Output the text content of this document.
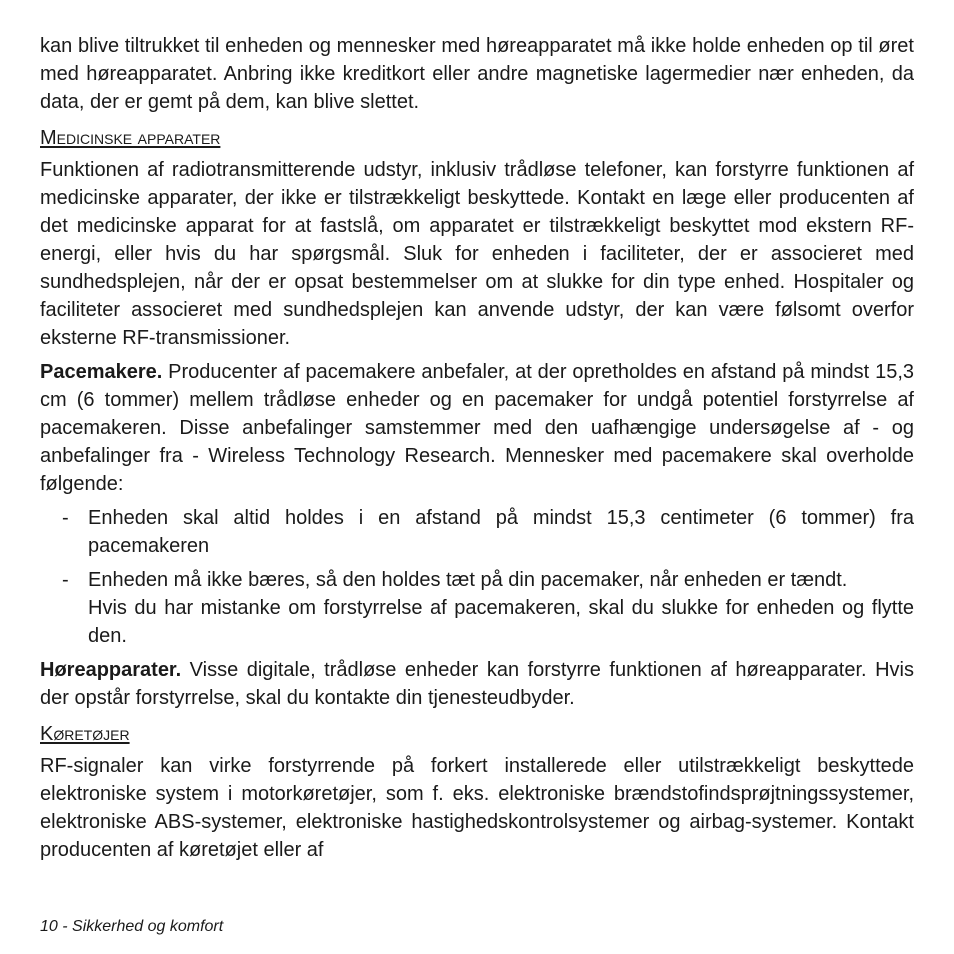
kan blive tiltrukket til enheden og mennesker med høreapparatet må ikke holde enheden op til øret med høreapparatet. Anbring ikke kreditkort eller andre magnetiske lagermedier nær enheden, da data, der er gemt på dem, kan blive slettet.

Medicinske apparater

Funktionen af radiotransmitterende udstyr, inklusiv trådløse telefoner, kan forstyrre funktionen af medicinske apparater, der ikke er tilstrækkeligt beskyttede. Kontakt en læge eller producenten af det medicinske apparat for at fastslå, om apparatet er tilstrækkeligt beskyttet mod ekstern RF-energi, eller hvis du har spørgsmål. Sluk for enheden i faciliteter, der er associeret med sundhedsplejen, når der er opsat bestemmelser om at slukke for din type enhed. Hospitaler og faciliteter associeret med sundhedsplejen kan anvende udstyr, der kan være følsomt overfor eksterne RF-transmissioner.

Pacemakere. Producenter af pacemakere anbefaler, at der opretholdes en afstand på mindst 15,3 cm (6 tommer) mellem trådløse enheder og en pacemaker for undgå potentiel forstyrrelse af pacemakeren. Disse anbefalinger samstemmer med den uafhængige undersøgelse af - og anbefalinger fra - Wireless Technology Research. Mennesker med pacemakere skal overholde følgende:

- Enheden skal altid holdes i en afstand på mindst 15,3 centimeter (6 tommer) fra pacemakeren

- Enheden må ikke bæres, så den holdes tæt på din pacemaker, når enheden er tændt.

Hvis du har mistanke om forstyrrelse af pacemakeren, skal du slukke for enheden og flytte den.

Høreapparater. Visse digitale, trådløse enheder kan forstyrre funktionen af høreapparater. Hvis der opstår forstyrrelse, skal du kontakte din tjenesteudbyder.

Køretøjer

RF-signaler kan virke forstyrrende på forkert installerede eller utilstrækkeligt beskyttede elektroniske system i motorkøretøjer, som f. eks. elektroniske brændstofindsprøjtningssystemer, elektroniske ABS-systemer, elektroniske hastighedskontrolsystemer og airbag-systemer. Kontakt producenten af køretøjet eller af

10 - Sikkerhed og komfort
